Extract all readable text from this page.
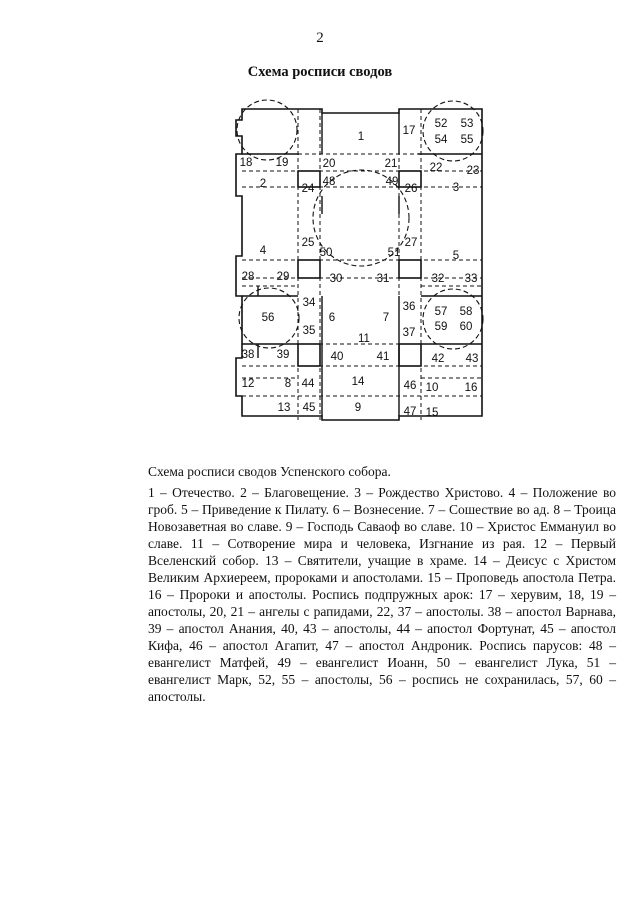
2
Схема росписи сводов
1
2	3
4	5
6	7
8
9
10
11
12
13
14
15
16
17
18 19	20	21	22 23
24
25
26
27
28 29	30	31	32 33
34
35
36
37
38 39	40	41	42 43
44
45
46
47
48	49
50	51
52 53
54 55
56	57 58
59 60
Схема росписи сводов Успенского собора.

1 – Отечество. 2 – Благовещение. 3 – Рождество Христово. 4 – Положение во гроб. 5 – Приведение к Пилату. 6 – Вознесение. 7 – Сошествие во ад. 8 – Троица Новозаветная во славе. 9 – Господь Саваоф во славе. 10 – Христос Еммануил во славе. 11 – Сотворение мира и человека, Изгнание из рая. 12 – Первый Вселенский собор. 13 – Святители, учащие в храме. 14 – Деисус с Христом Великим Архиереем, пророками и апостолами. 15 – Проповедь апостола Петра. 16 – Пророки и апостолы. Роспись подпружных арок: 17 – херувим, 18, 19 – апостолы, 20, 21 – ангелы с рапидами, 22, 37 – апостолы. 38 – апостол Варнава, 39 – апостол Анания, 40, 43 – апостолы, 44 – апостол Фортунат, 45 – апостол Кифа, 46 – апостол Агапит, 47 – апостол Андроник. Роспись парусов: 48 – евангелист Матфей, 49 – евангелист Иоанн, 50 – евангелист Лука, 51 – евангелист Марк, 52, 55 – апостолы, 56 – роспись не сохранилась, 57, 60 – апостолы.
